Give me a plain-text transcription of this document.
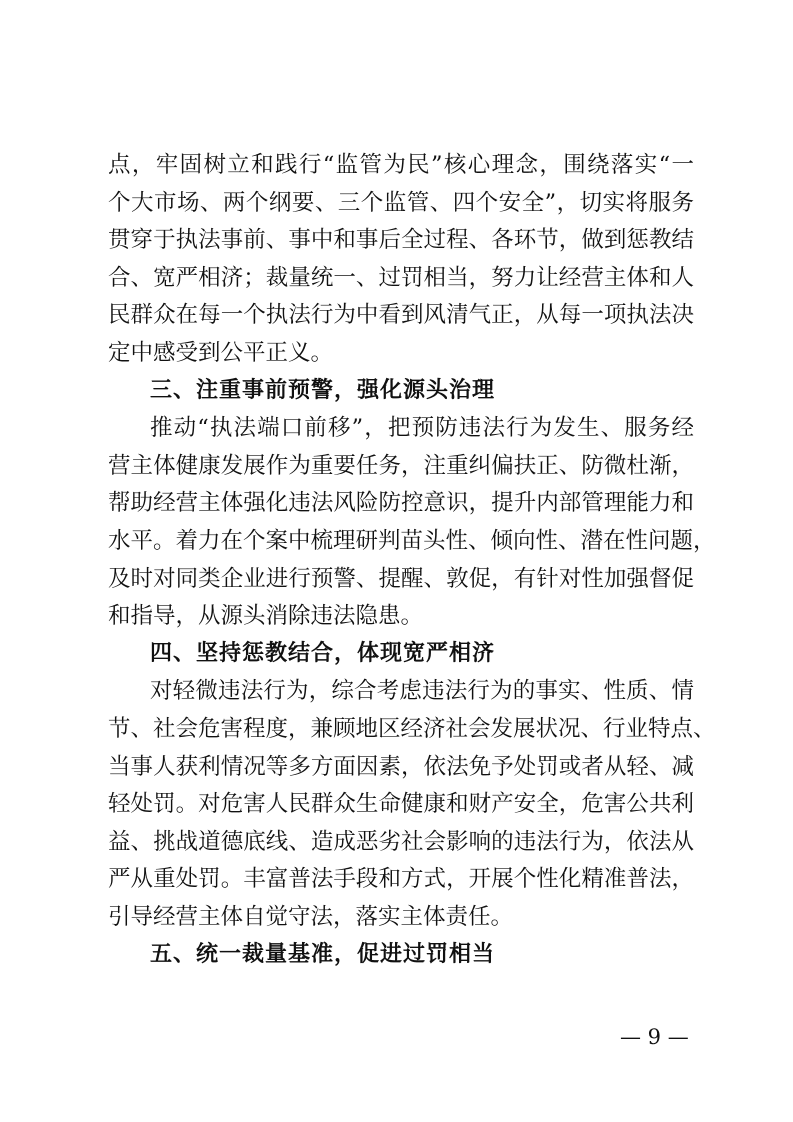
— 9 —
点，牢固树立和践行“监管为民”核心理念，围绕落实“一
个大市场、两个纲要、三个监管、四个安全”，切实将服务
贯穿于执法事前、事中和事后全过程、各环节，做到惩教结
合、宽严相济；裁量统一、过罚相当，努力让经营主体和人
民群众在每一个执法行为中看到风清气正，从每一项执法决
定中感受到公平正义。
三、注重事前预警，强化源头治理
推动“执法端口前移”，把预防违法行为发生、服务经
营主体健康发展作为重要任务，注重纠偏扶正、防微杜渐，
帮助经营主体强化违法风险防控意识，提升内部管理能力和
水平。着力在个案中梳理研判苗头性、倾向性、潜在性问题，
及时对同类企业进行预警、提醒、敦促，有针对性加强督促
和指导，从源头消除违法隐患。
四、坚持惩教结合，体现宽严相济
对轻微违法行为，综合考虑违法行为的事实、性质、情
节、社会危害程度，兼顾地区经济社会发展状况、行业特点、
当事人获利情况等多方面因素，依法免予处罚或者从轻、减
轻处罚。对危害人民群众生命健康和财产安全，危害公共利
益、挑战道德底线、造成恶劣社会影响的违法行为，依法从
严从重处罚。丰富普法手段和方式，开展个性化精准普法，
引导经营主体自觉守法，落实主体责任。
五、统一裁量基准，促进过罚相当
